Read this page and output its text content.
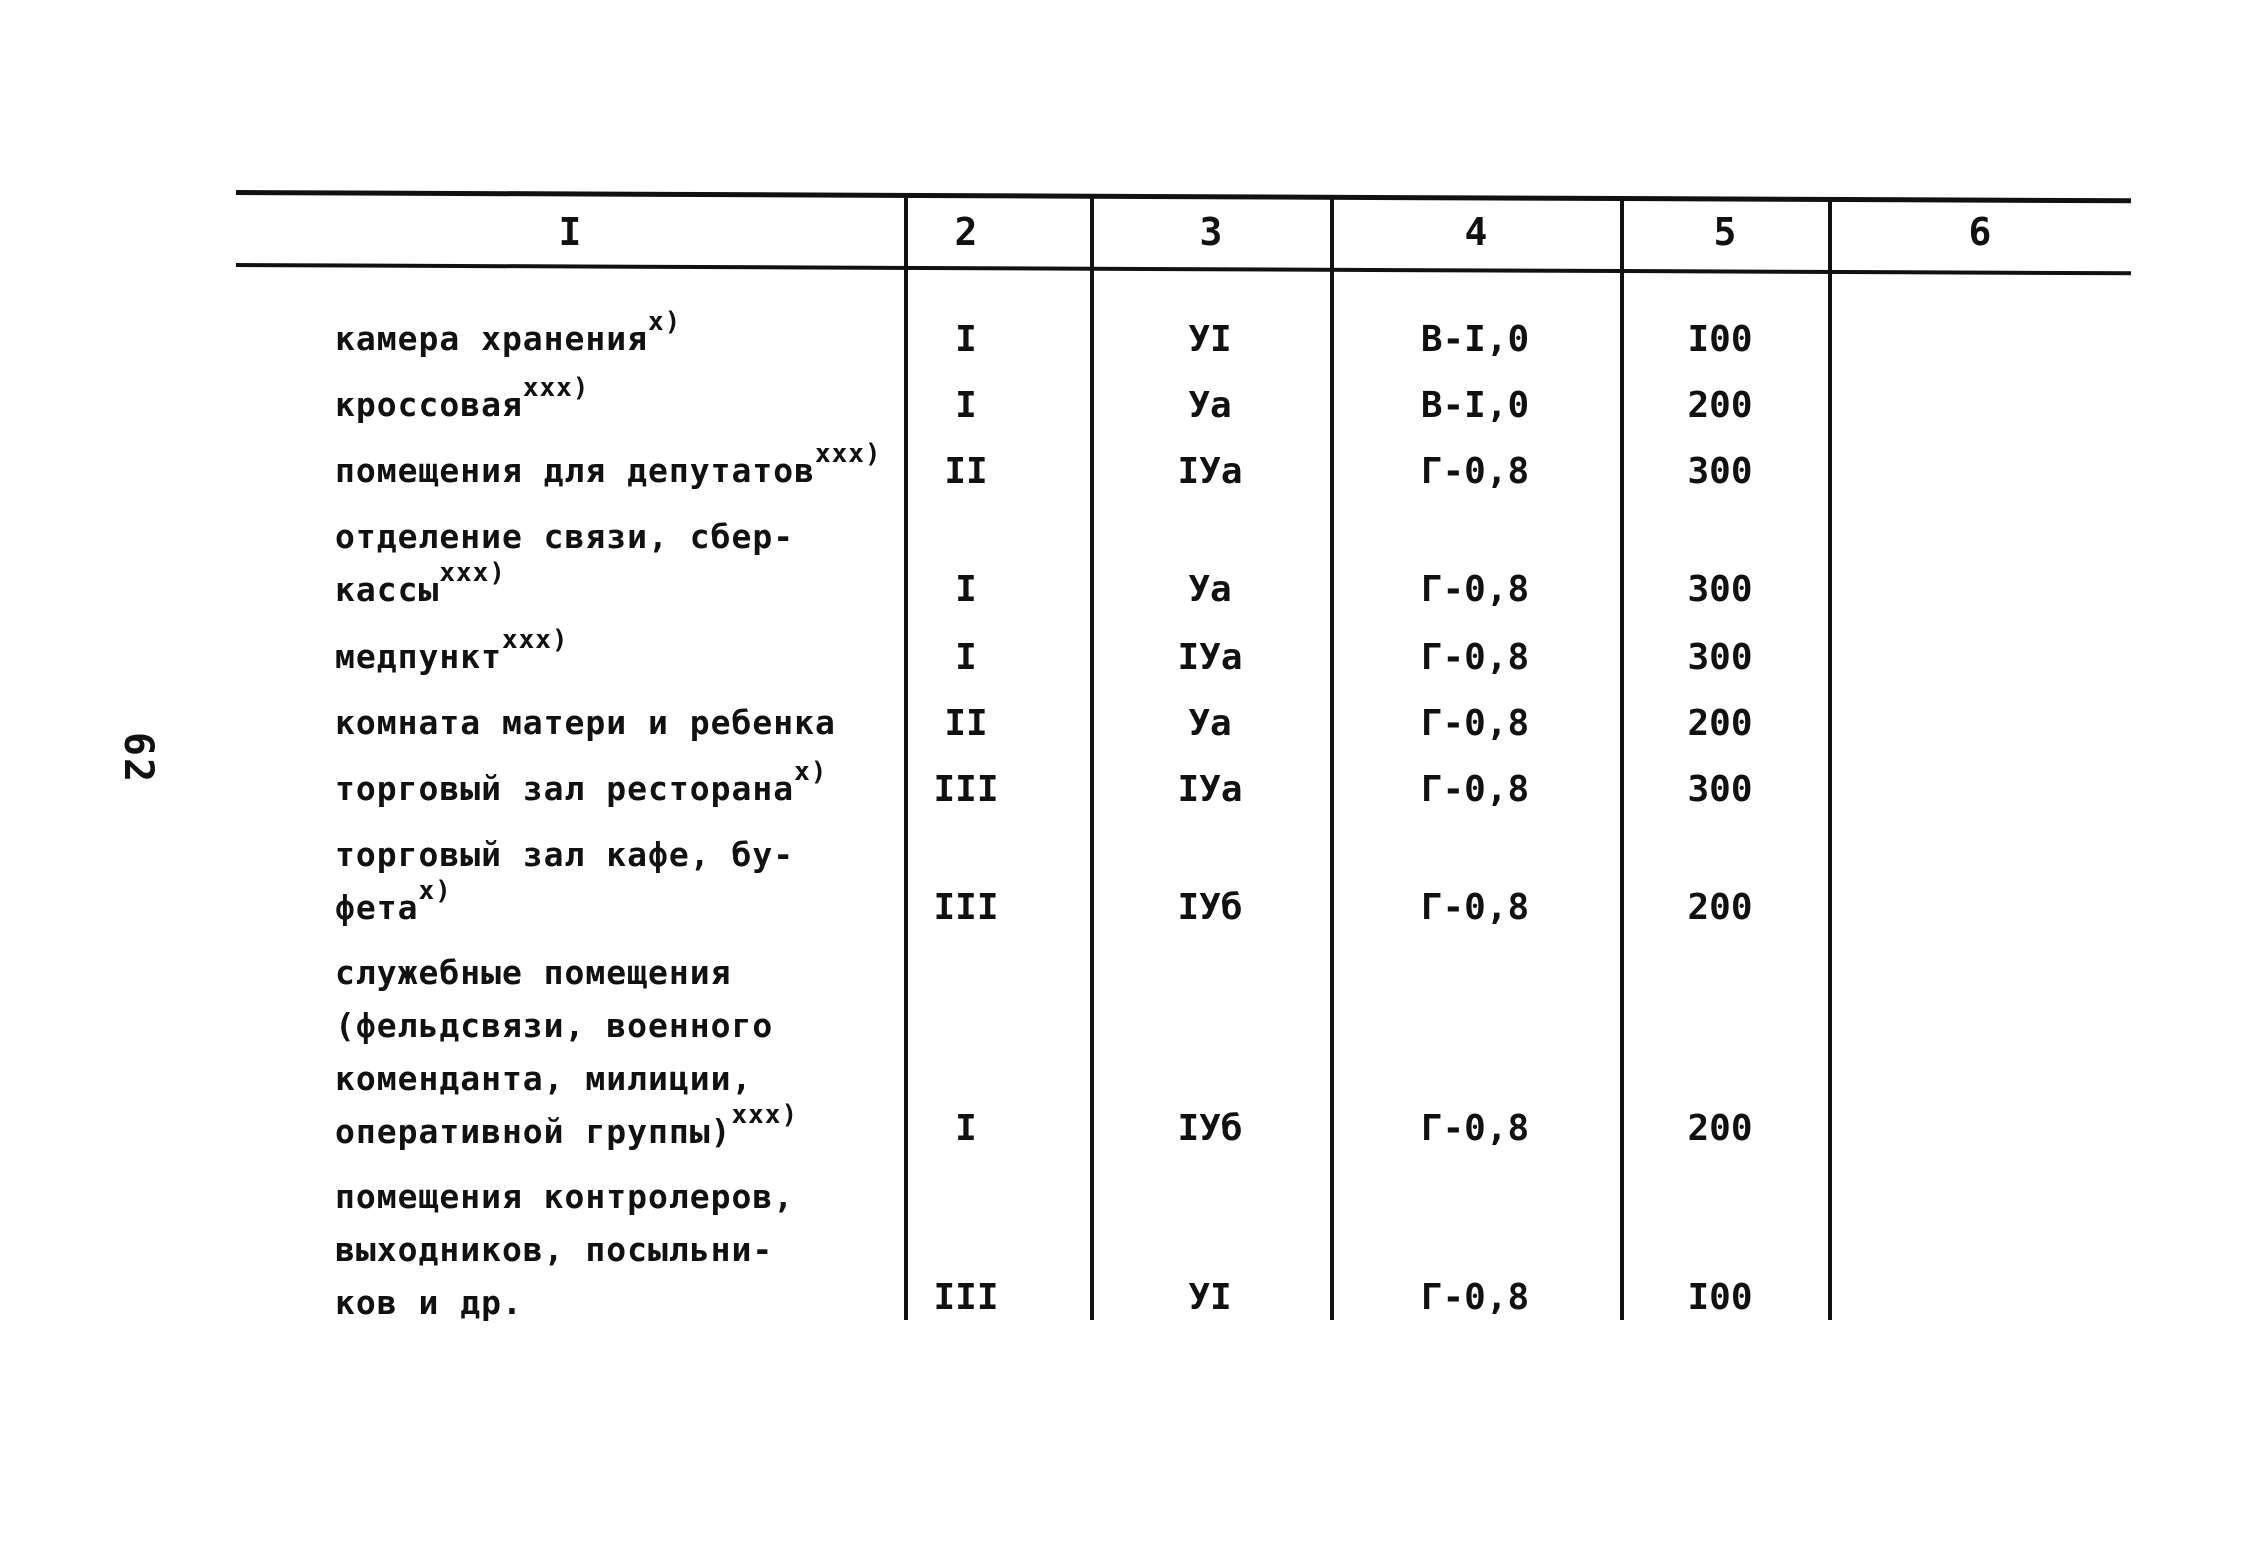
62
I	2	3	4	5	6
камера хранения$^{x)}$	I	УI	В-I,0	I00
кроссовая$^{xxx)}$	I	Уа	В-I,0	200
помещения для депутатов$^{xxx)}$	II	IУа	Г-0,8	300
отделение связи, сбер-
кассы$^{xxx)}$	I	Уа	Г-0,8	300
медпункт$^{xxx)}$	I	IУа	Г-0,8	300
комната матери и ребенка	II	Уа	Г-0,8	200
торговый зал ресторана$^{x)}$	III	IУа	Г-0,8	300
торговый зал кафе, бу-
фета$^{x)}$	III	IУб	Г-0,8	200
служебные помещения
(фельдсвязи, военного
коменданта, милиции,
оперативной группы)$^{xxx)}$	I	IУб	Г-0,8	200
помещения контролеров,
выходников, посыльни-
ков и др.	III	УI	Г-0,8	I00
